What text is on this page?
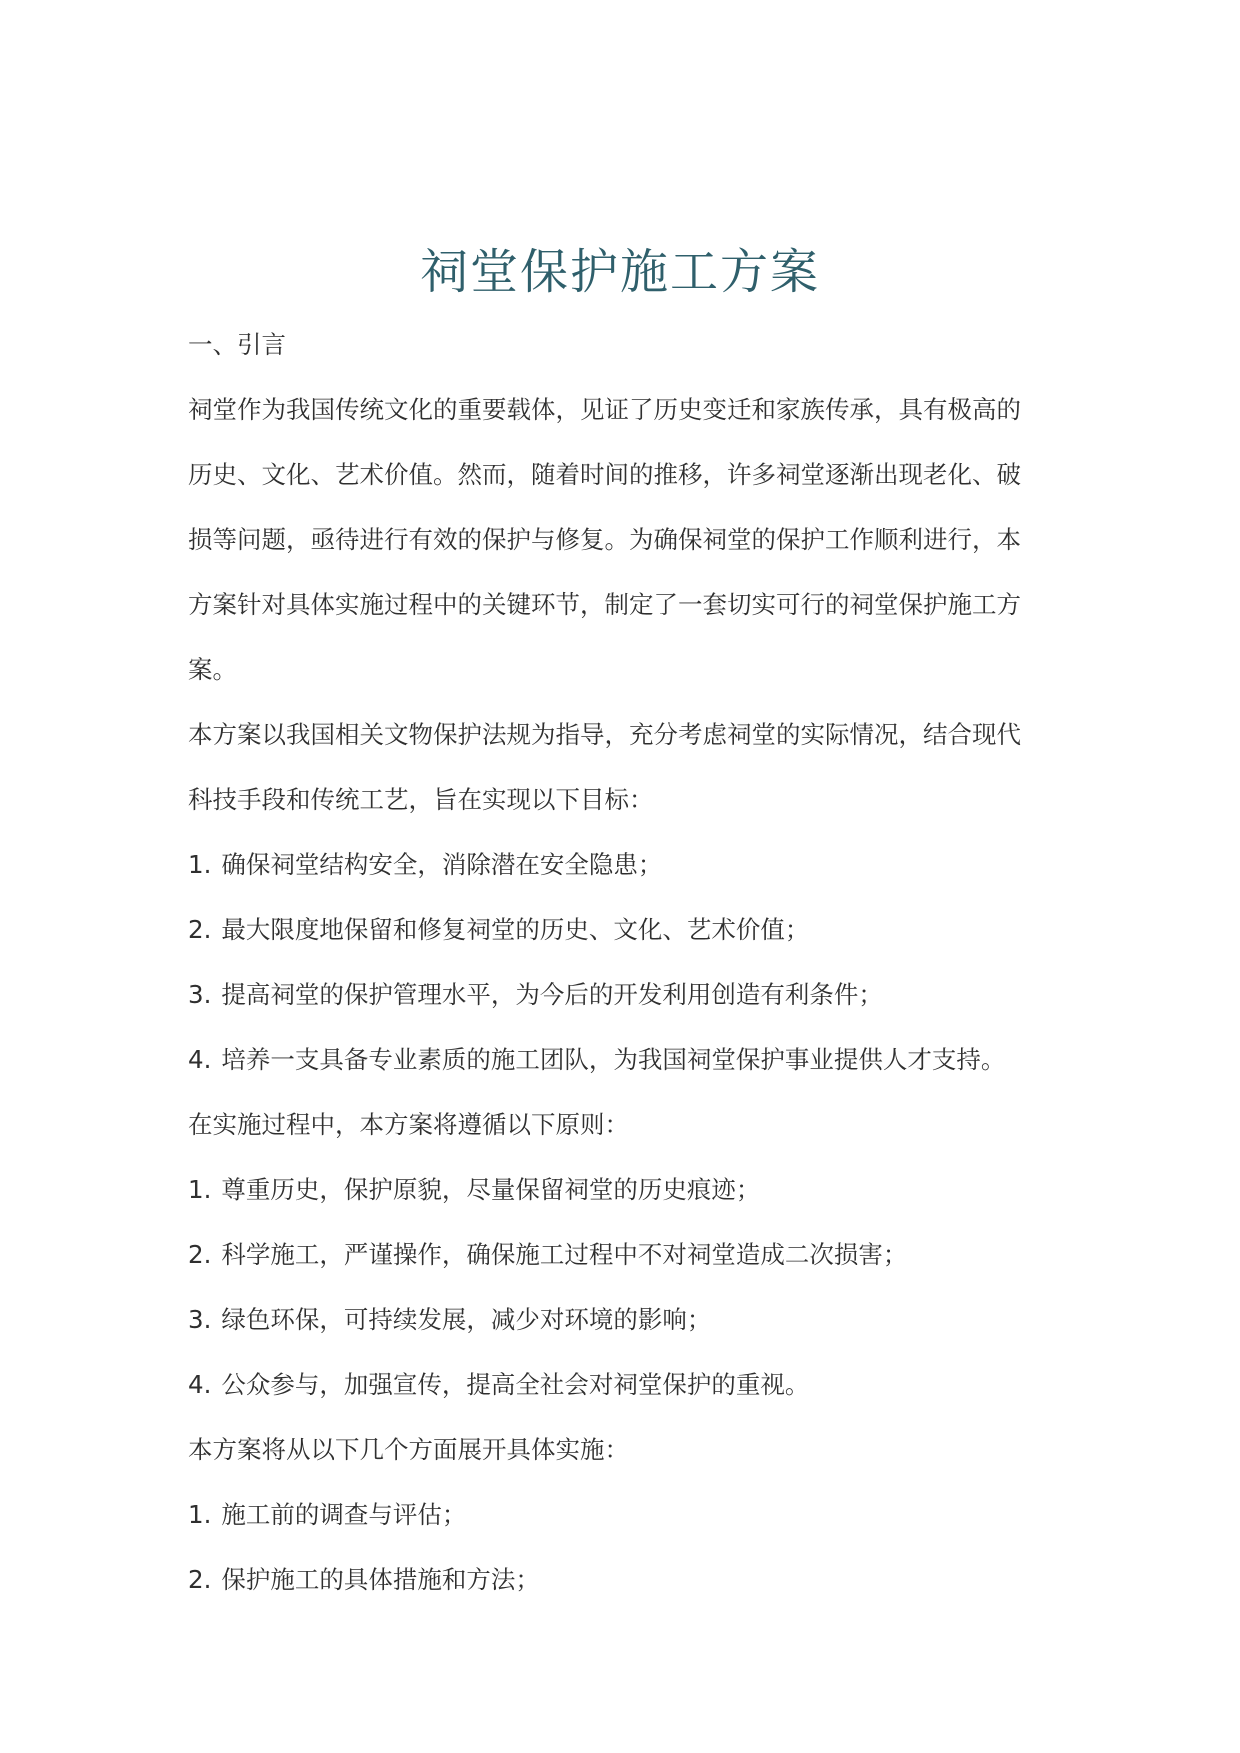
祠堂保护施工方案
一、引言
祠堂作为我国传统文化的重要载体，见证了历史变迁和家族传承，具有极高的
历史、文化、艺术价值。然而，随着时间的推移，许多祠堂逐渐出现老化、破
损等问题，亟待进行有效的保护与修复。为确保祠堂的保护工作顺利进行，本
方案针对具体实施过程中的关键环节，制定了一套切实可行的祠堂保护施工方
案。
本方案以我国相关文物保护法规为指导，充分考虑祠堂的实际情况，结合现代
科技手段和传统工艺，旨在实现以下目标：
1. 确保祠堂结构安全，消除潜在安全隐患；
2. 最大限度地保留和修复祠堂的历史、文化、艺术价值；
3. 提高祠堂的保护管理水平，为今后的开发利用创造有利条件；
4. 培养一支具备专业素质的施工团队，为我国祠堂保护事业提供人才支持。
在实施过程中，本方案将遵循以下原则：
1. 尊重历史，保护原貌，尽量保留祠堂的历史痕迹；
2. 科学施工，严谨操作，确保施工过程中不对祠堂造成二次损害；
3. 绿色环保，可持续发展，减少对环境的影响；
4. 公众参与，加强宣传，提高全社会对祠堂保护的重视。
本方案将从以下几个方面展开具体实施：
1. 施工前的调查与评估；
2. 保护施工的具体措施和方法；
